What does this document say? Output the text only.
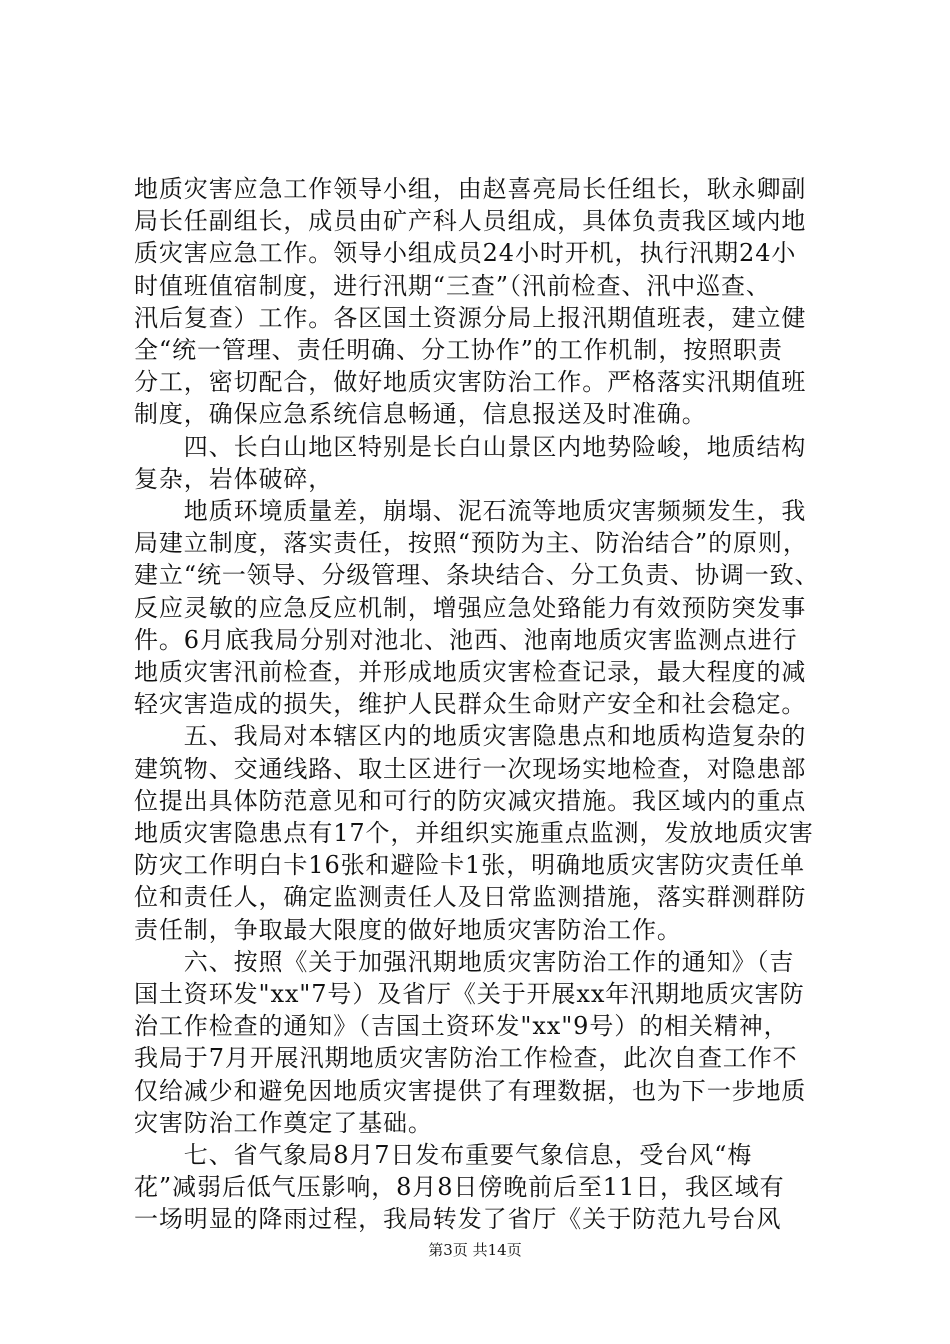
地质灾害应急工作领导小组，由赵喜亮局长任组长，耿永卿副
局长任副组长，成员由矿产科人员组成，具体负责我区域内地
质灾害应急工作。领导小组成员24小时开机，执行汛期24小
时值班值宿制度，进行汛期“三查”（汛前检查、汛中巡查、
汛后复查）工作。各区国土资源分局上报汛期值班表，建立健
全“统一管理、责任明确、分工协作”的工作机制，按照职责
分工，密切配合，做好地质灾害防治工作。严格落实汛期值班
制度，确保应急系统信息畅通，信息报送及时准确。
　　四、长白山地区特别是长白山景区内地势险峻，地质结构
复杂，岩体破碎，
　　地质环境质量差，崩塌、泥石流等地质灾害频频发生，我
局建立制度，落实责任，按照“预防为主、防治结合”的原则，
建立“统一领导、分级管理、条块结合、分工负责、协调一致、
反应灵敏的应急反应机制，增强应急处臵能力有效预防突发事
件。6月底我局分别对池北、池西、池南地质灾害监测点进行
地质灾害汛前检查，并形成地质灾害检查记录，最大程度的减
轻灾害造成的损失，维护人民群众生命财产安全和社会稳定。
　　五、我局对本辖区内的地质灾害隐患点和地质构造复杂的
建筑物、交通线路、取土区进行一次现场实地检查，对隐患部
位提出具体防范意见和可行的防灾减灾措施。我区域内的重点
地质灾害隐患点有17个，并组织实施重点监测，发放地质灾害
防灾工作明白卡16张和避险卡1张，明确地质灾害防灾责任单
位和责任人，确定监测责任人及日常监测措施，落实群测群防
责任制，争取最大限度的做好地质灾害防治工作。
　　六、按照《关于加强汛期地质灾害防治工作的通知》（吉
国土资环发"xx"7号）及省厅《关于开展xx年汛期地质灾害防
治工作检查的通知》（吉国土资环发"xx"9号）的相关精神，
我局于7月开展汛期地质灾害防治工作检查，此次自查工作不
仅给减少和避免因地质灾害提供了有理数据，也为下一步地质
灾害防治工作奠定了基础。
　　七、省气象局8月7日发布重要气象信息，受台风“梅
花”减弱后低气压影响，8月8日傍晚前后至11日，我区域有
一场明显的降雨过程，我局转发了省厅《关于防范九号台风
第3页 共14页
